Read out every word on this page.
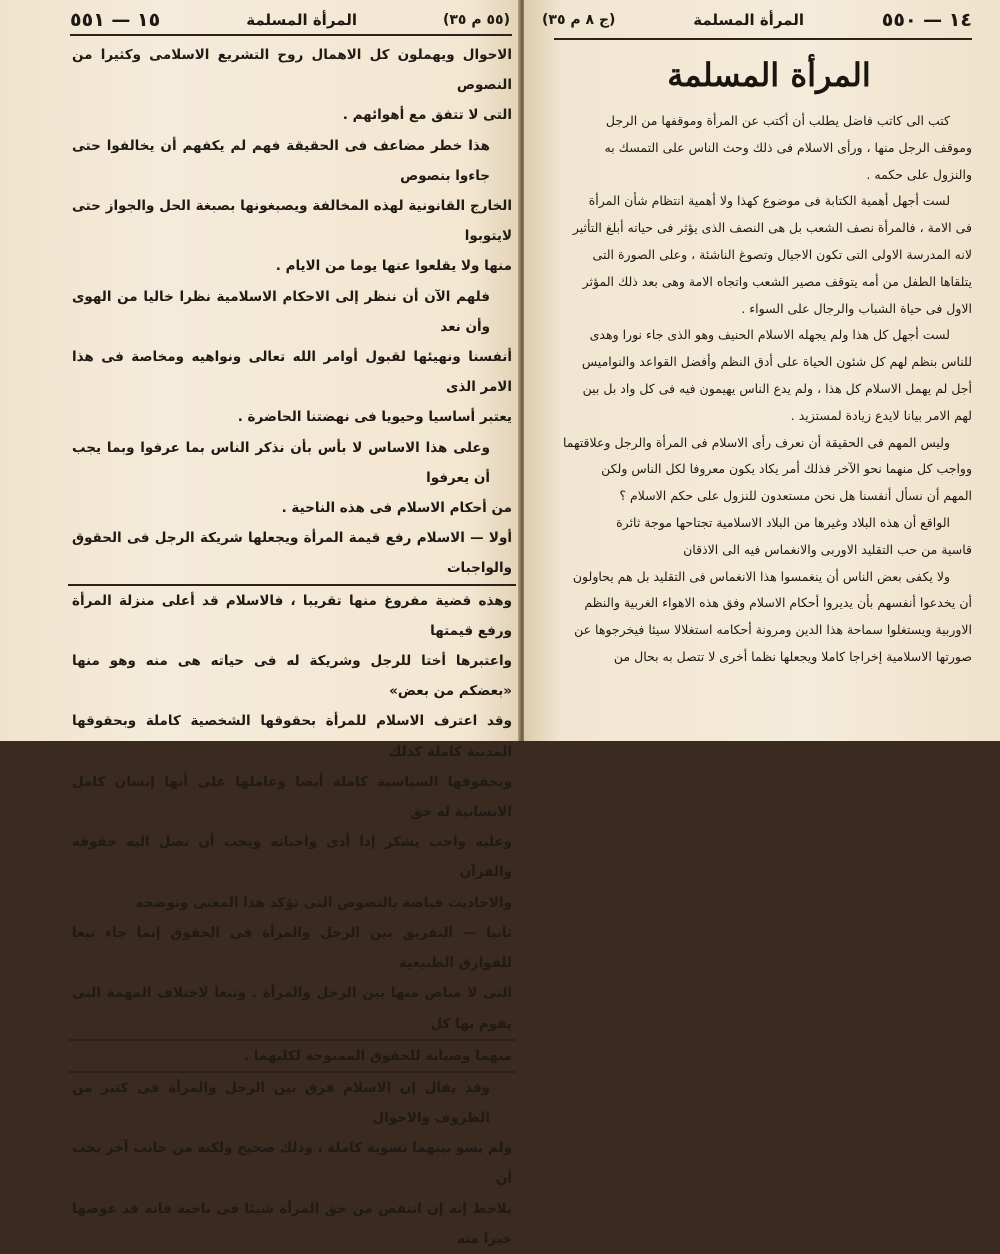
(٥٥ م ٣٥)
المرأة المسلمة
١٥ — ٥٥١

الاحوال ويهملون كل الاهمال روح التشريع الاسلامى وكثيرا من النصوص

التى لا تتفق مع أهوائهم .

هذا خطر مضاعف فى الحقيقة فهم لم يكفهم أن يخالفوا حتى جاءوا بنصوص

الخارج القانونية لهذه المخالفة ويصبغونها بصبغة الحل والجواز حتى لايتوبوا

منها ولا يقلعوا عنها يوما من الايام .

فلهم الآن أن ننظر إلى الاحكام الاسلامية نظرا خاليا من الهوى وأن نعد

أنفسنا ونهيئها لقبول أوامر الله تعالى ونواهيه ومخاصة فى هذا الامر الذى

يعتبر أساسيا وحيويا فى نهضتنا الحاضرة .

وعلى هذا الاساس لا بأس بأن نذكر الناس بما عرفوا وبما يجب أن يعرفوا

من أحكام الاسلام فى هذه الناحية .

أولا — الاسلام رفع قيمة المرأة ويجعلها شريكة الرجل فى الحقوق والواجبات

وهذه قضية مفروغ منها تقريبا ، فالاسلام قد أعلى منزلة المرأة ورفع قيمتها

واعتبرها أختا للرجل وشريكة له فى حياته هى منه وهو منها «بعضكم من بعض»

وقد اعترف الاسلام للمرأة بحقوقها الشخصية كاملة وبحقوقها المدنية كاملة كذلك

وبحقوقها السياسية كاملة أيضا وعاملها على أنها إنسان كامل الانسانية له حق

وعليه واجب يشكر إذا أدى واجباته ويجب أن تصل اليه حقوقه والقرآن

والاحاديث فياضة بالنصوص التى تؤكد هذا المعنى وتوضحه

ثانيا — التفريق بين الرجل والمرأة فى الحقوق إنما جاء تبعا للفوارق الطبيعية

التى لا مناص منها بين الرجل والمرأة . وتبعا لاختلاف المهمة التى يقوم بها كل

منهما وصيانة للحقوق الممنوحة لكليهما .

وقد يقال إن الاسلام فرق بين الرجل والمرأة فى كثير من الظروف والاحوال

ولم يسو بينهما تسوية كاملة ، وذلك صحيح ولكنه من جانب آخر يجب أن

يلاحظ إنه إن انتقص من حق المرأة شيئا فى ناحية فانه قد عوضها خيرا منه

١٤ — ٥٥٠
المرأة المسلمة
(ج ٨ م ٣٥)
المرأة المسلمة

كتب الى كاتب فاضل يطلب أن أكتب عن المرأة وموقفها من الرجل

وموقف الرجل منها ، ورأى الاسلام فى ذلك وحث الناس على التمسك به

والنزول على حكمه .

لست أجهل أهمية الكتابة فى موضوع كهذا ولا أهمية انتظام شأن المرأة

فى الامة ، فالمرأة نصف الشعب بل هى النصف الذى يؤثر فى حياته أبلغ التأثير

لانه المدرسة الاولى التى تكون الاجيال وتصوغ الناشئة ، وعلى الصورة التى

يتلقاها الطفل من أمه يتوقف مصير الشعب واتجاه الامة وهى بعد ذلك المؤثر

الاول فى حياة الشباب والرجال على السواء .

لست أجهل كل هذا ولم يجهله الاسلام الحنيف وهو الذى جاء نورا وهدى

للناس بنظم لهم كل شئون الحياة على أدق النظم وأفضل القواعد والنواميس

أجل لم يهمل الاسلام كل هذا ، ولم يدع الناس يهيمون فيه فى كل واد بل بين

لهم الامر بيانا لايدع زيادة لمستزيد .

وليس المهم فى الحقيقة أن نعرف رأى الاسلام فى المرأة والرجل وعلاقتهما

وواجب كل منهما نحو الآخر فذلك أمر يكاد يكون معروفا لكل الناس ولكن

المهم أن نسأل أنفسنا هل نحن مستعدون للنزول على حكم الاسلام ؟

الواقع أن هذه البلاد وغيرها من البلاد الاسلامية تجتاحها موجة ثائرة

قاسية من حب التقليد الاوربى والانغماس فيه الى الاذقان

ولا يكفى بعض الناس أن ينغمسوا هذا الانغماس فى التقليد بل هم يحاولون

أن يخدعوا أنفسهم بأن يديروا أحكام الاسلام وفق هذه الاهواء الغربية والنظم

الاوربية ويستغلوا سماحة هذا الدين ومرونة أحكامه استغلالا سيئا فيخرجوها عن

صورتها الاسلامية إخراجا كاملا ويجعلها نظما أخرى لا تتصل به بحال من
